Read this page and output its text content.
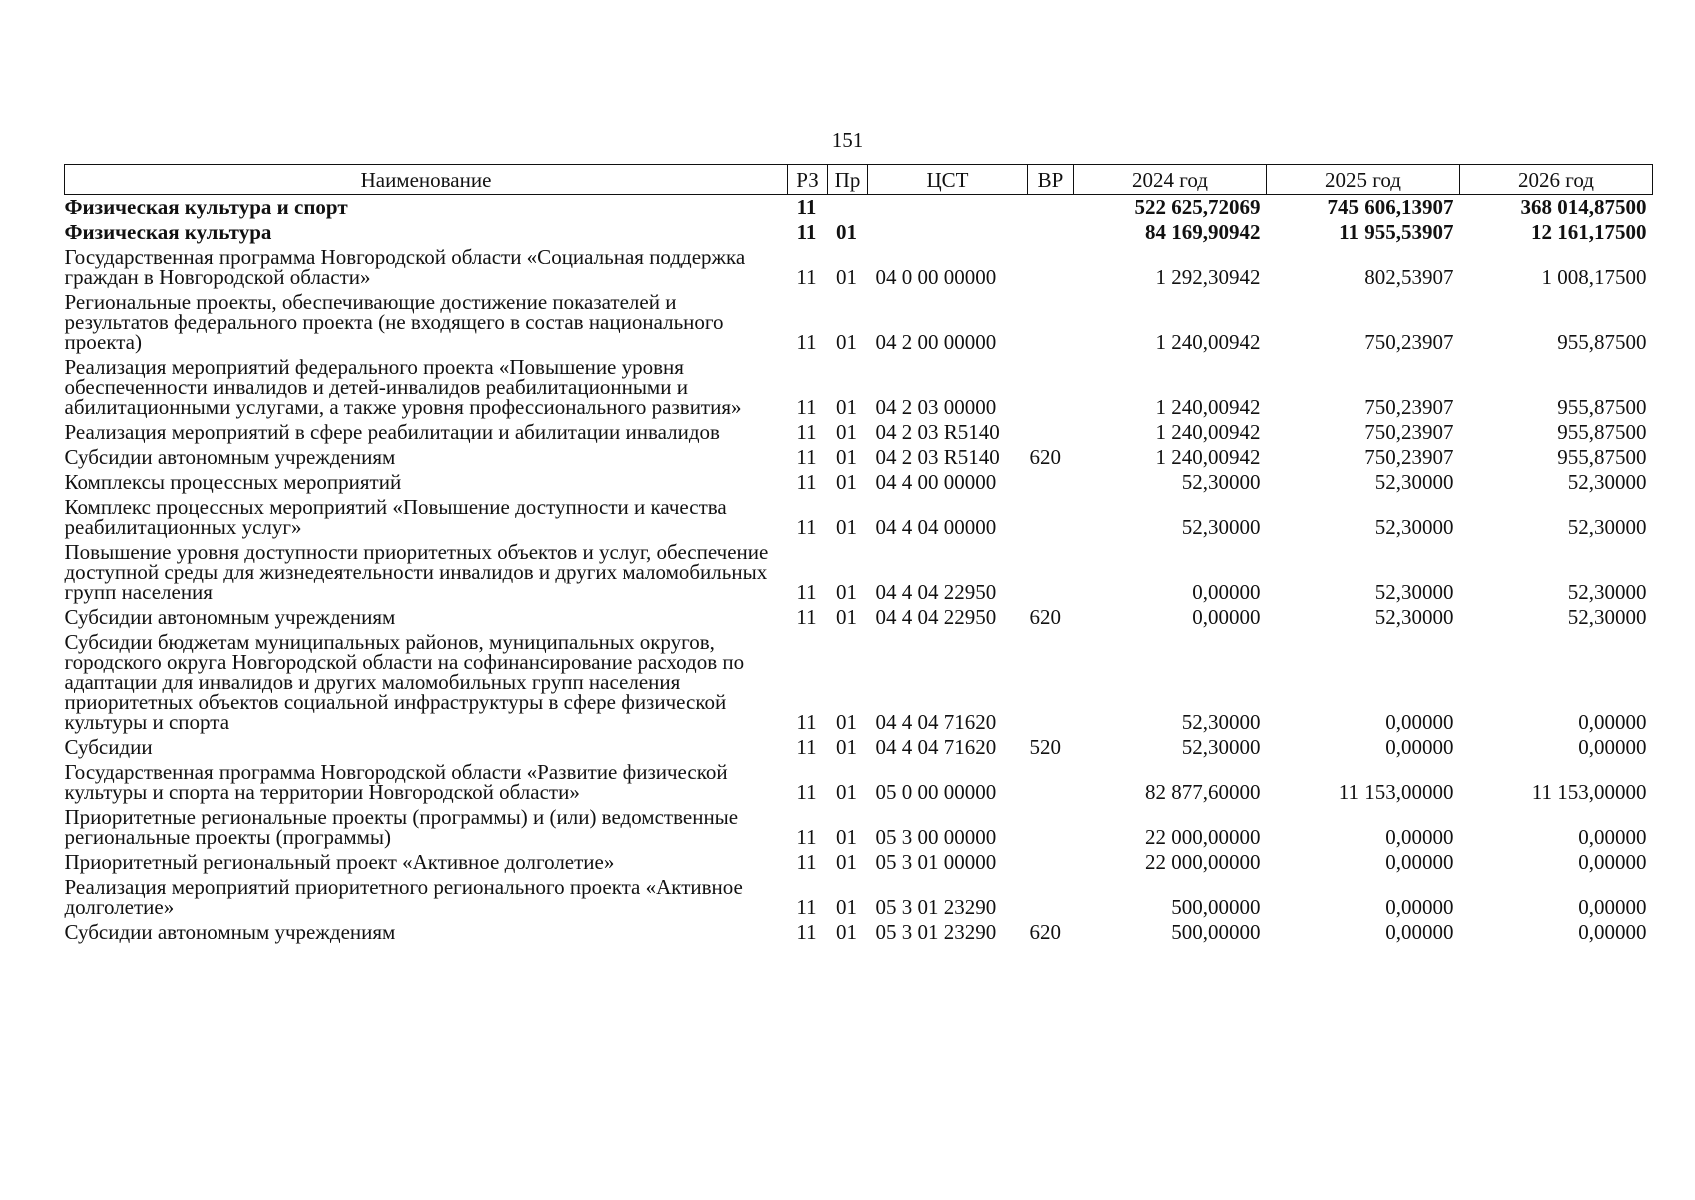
151
Наименование	РЗ	Пр	ЦСТ	ВР	2024 год	2025 год	2026 год
Физическая культура и спорт	11				522 625,72069	745 606,13907	368 014,87500
Физическая культура	11	01			84 169,90942	11 955,53907	12 161,17500
Государственная программа Новгородской области «Социальная поддержка граждан в Новгородской области»	11	01	04 0 00 00000		1 292,30942	802,53907	1 008,17500
Региональные проекты, обеспечивающие достижение показателей и результатов федерального проекта (не входящего в состав национального проекта)	11	01	04 2 00 00000		1 240,00942	750,23907	955,87500
Реализация мероприятий федерального проекта «Повышение уровня обеспеченности инвалидов и детей-инвалидов реабилитационными и абилитационными услугами, а также уровня профессионального развития»	11	01	04 2 03 00000		1 240,00942	750,23907	955,87500
Реализация мероприятий в сфере реабилитации и абилитации инвалидов	11	01	04 2 03 R5140		1 240,00942	750,23907	955,87500
Субсидии автономным учреждениям	11	01	04 2 03 R5140	620	1 240,00942	750,23907	955,87500
Комплексы процессных мероприятий	11	01	04 4 00 00000		52,30000	52,30000	52,30000
Комплекс процессных мероприятий «Повышение доступности и качества реабилитационных услуг»	11	01	04 4 04 00000		52,30000	52,30000	52,30000
Повышение уровня доступности приоритетных объектов и услуг, обеспечение доступной среды для жизнедеятельности инвалидов и других маломобильных групп населения	11	01	04 4 04 22950		0,00000	52,30000	52,30000
Субсидии автономным учреждениям	11	01	04 4 04 22950	620	0,00000	52,30000	52,30000
Субсидии бюджетам муниципальных районов, муниципальных округов, городского округа Новгородской области на софинансирование расходов по адаптации для инвалидов и других маломобильных групп населения приоритетных объектов социальной инфраструктуры в сфере физической культуры и спорта	11	01	04 4 04 71620		52,30000	0,00000	0,00000
Субсидии	11	01	04 4 04 71620	520	52,30000	0,00000	0,00000
Государственная программа Новгородской области «Развитие физической культуры и спорта на территории Новгородской области»	11	01	05 0 00 00000		82 877,60000	11 153,00000	11 153,00000
Приоритетные региональные проекты (программы) и (или) ведомственные региональные проекты (программы)	11	01	05 3 00 00000		22 000,00000	0,00000	0,00000
Приоритетный региональный проект «Активное долголетие»	11	01	05 3 01 00000		22 000,00000	0,00000	0,00000
Реализация мероприятий приоритетного регионального проекта «Активное долголетие»	11	01	05 3 01 23290		500,00000	0,00000	0,00000
Субсидии автономным учреждениям	11	01	05 3 01 23290	620	500,00000	0,00000	0,00000
